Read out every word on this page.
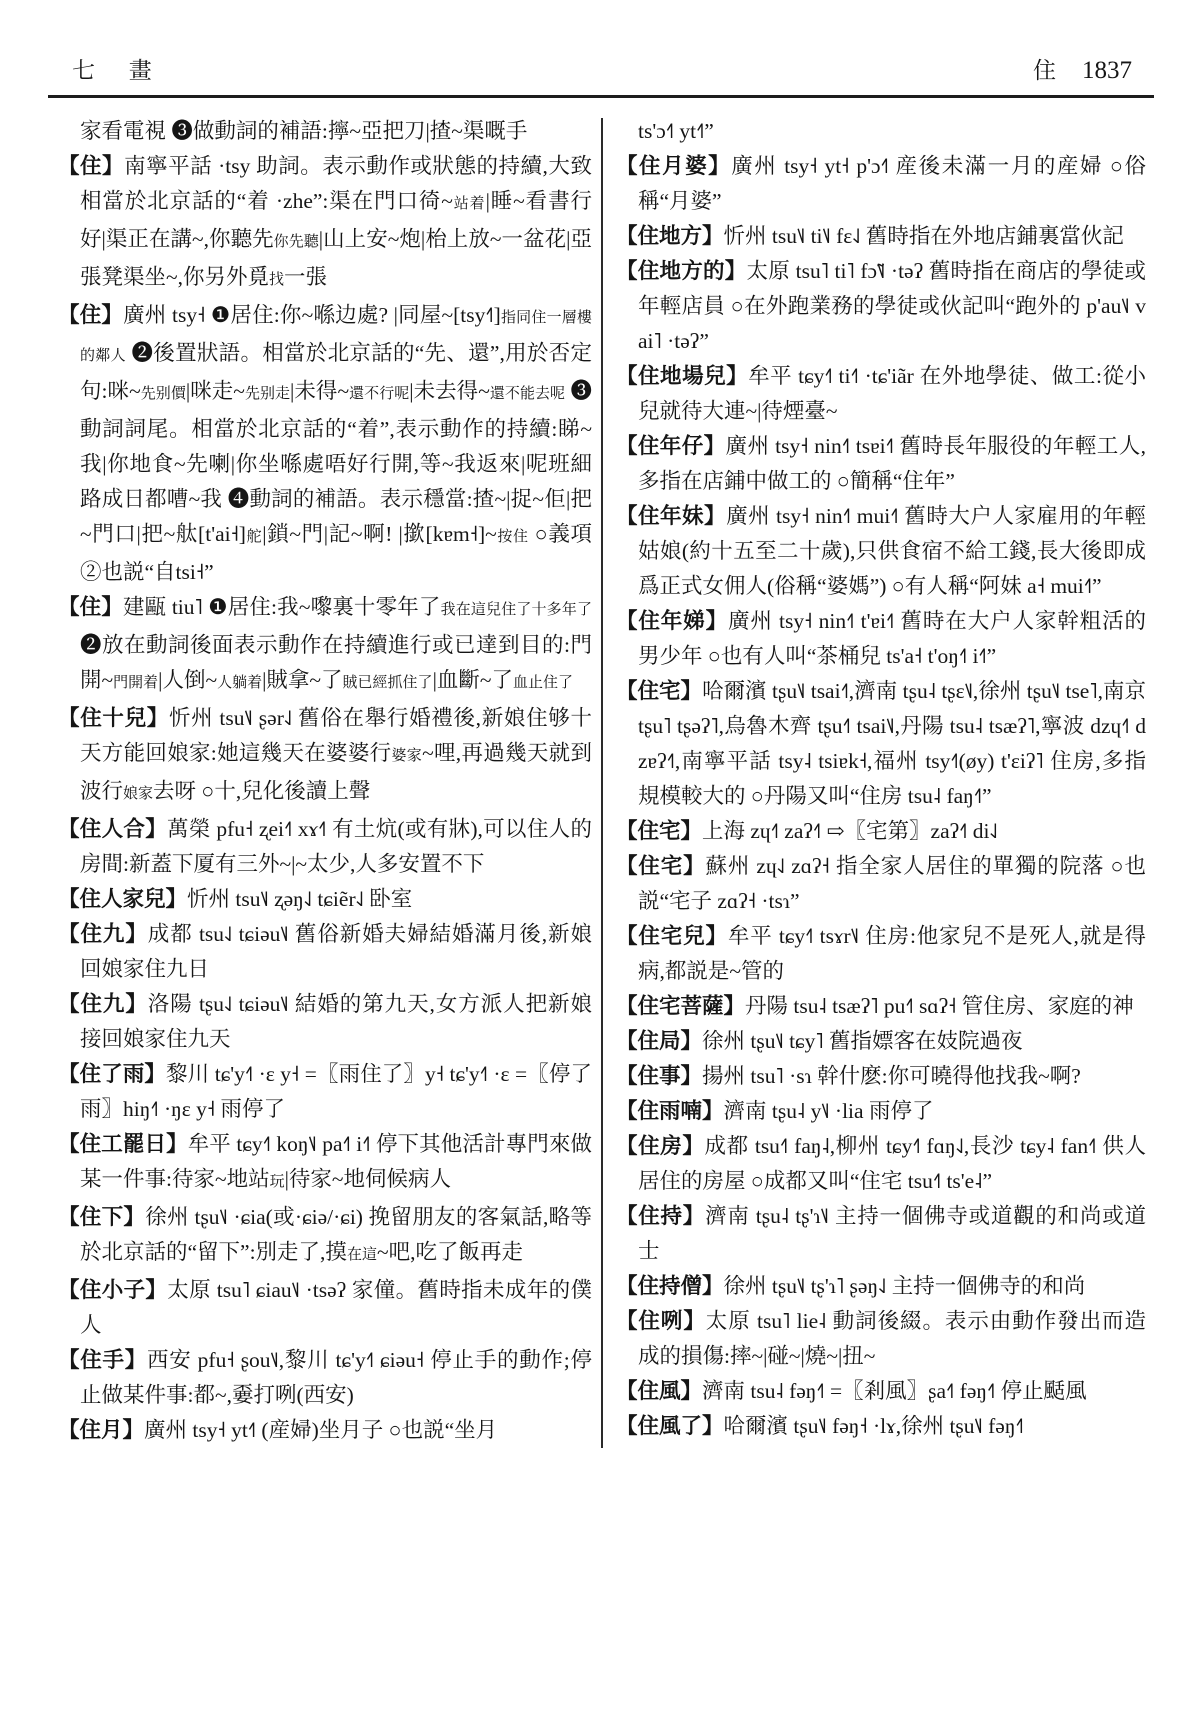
七 畫	住 1837

家看電視 ❸做動詞的補語:擰~亞把刀|揸~渠嘅手

【住】南寧平話 ·tsy 助詞。表示動作或狀態的持續,大致相當於北京話的“着 ·zhe”:渠在門口徛~站着|睡~看書行好|渠正在講~,你聽先你先聽|山上安~炮|枱上放~一盆花|亞張凳渠坐~,你另外覓找一張

【住】廣州 tsy˧ ❶居住:你~喺边處? |同屋~[tsy˧˥]指同住一層樓的鄰人 ❷後置狀語。相當於北京話的“先、還”,用於否定句:咪~先别價|咪走~先别走|未得~還不行呢|未去得~還不能去呢 ❸動詞詞尾。相當於北京話的“着”,表示動作的持續:睇~我|你地食~先喇|你坐喺處唔好行開,等~我返來|呢班細路成日都嘈~我 ❹動詞的補語。表示穩當:揸~|捉~佢|把~門口|把~舦[t'ai˧]舵|鎖~門|記~啊! |撳[kɐm˧]~按住 ○義項②也説“自tsi˧”

【住】建甌 tiu˥ ❶居住:我~嚟裏十零年了我在這兒住了十多年了 ❷放在動詞後面表示動作在持續進行或已達到目的:門開~門開着|人倒~人躺着|賊拿~了賊已經抓住了|血斷~了血止住了

【住十兒】忻州 tsu˥˩ ʂər˨˩ 舊俗在舉行婚禮後,新娘住够十天方能回娘家:她這幾天在婆婆行婆家~哩,再過幾天就到波行娘家去呀 ○十,兒化後讀上聲

【住人合】萬榮 pfu˧ ʐei˧˥ xɤ˧˥ 有土炕(或有牀),可以住人的房間:新蓋下厦有三外~|~太少,人多安置不下

【住人家兒】忻州 tsu˥˩ ʐəŋ˨˩ tɕiẽr˨˩ 卧室

【住九】成都 tsu˨˩ tɕiəu˥˩ 舊俗新婚夫婦結婚滿月後,新娘回娘家住九日

【住九】洛陽 tʂu˨˩ tɕiəu˥˩ 結婚的第九天,女方派人把新娘接回娘家住九天

【住了雨】黎川 tɕ'y˧˥ ·ɛ y˧ =〖雨住了〗y˧ tɕ'y˧˥ ·ɛ =〖停了雨〗hiŋ˧˥ ·ŋɛ y˧ 雨停了

【住工罷日】牟平 tɕy˧˥ koŋ˥˩ pa˧˥ i˧˥ 停下其他活計專門來做某一件事:待家~地站玩|待家~地伺候病人

【住下】徐州 tʂu˥˩ ·ɕia(或·ɕiə/·ɕi) 挽留朋友的客氣話,略等於北京話的“留下”:別走了,摸在這~吧,吃了飯再走

【住小子】太原 tsu˥ ɕiau˥˩ ·tsəʔ 家僮。舊時指未成年的僕人

【住手】西安 pfu˧ ʂou˥˩,黎川 tɕ'y˧˥ ɕiəu˧ 停止手的動作;停止做某件事:都~,嫑打咧(西安)

【住月】廣州 tsy˧ yt˧˥ (産婦)坐月子 ○也説“坐月

ts'ɔ˧˥ yt˧˥”

【住月婆】廣州 tsy˧ yt˧ p'ɔ˧˥ 産後未滿一月的産婦 ○俗稱“月婆”

【住地方】忻州 tsu˥˩ ti˥˩ fɛ˨˩ 舊時指在外地店鋪裏當伙記

【住地方的】太原 tsu˥ ti˥ fɔ̃˥˩ ·təʔ 舊時指在商店的學徒或年輕店員 ○在外跑業務的學徒或伙記叫“跑外的 p'au˥˩ vai˥ ·təʔ”

【住地場兒】牟平 tɕy˧˥ ti˧˥ ·tɕ'iãr 在外地學徒、做工:從小兒就待大連~|待煙臺~

【住年仔】廣州 tsy˧ nin˧˥ tsɐi˧˥ 舊時長年服役的年輕工人,多指在店鋪中做工的 ○簡稱“住年”

【住年妹】廣州 tsy˧ nin˧˥ mui˧˥ 舊時大户人家雇用的年輕姑娘(約十五至二十歲),只供食宿不給工錢,長大後即成爲正式女佣人(俗稱“婆媽”) ○有人稱“阿妹 a˧ mui˧˥”

【住年娣】廣州 tsy˧ nin˧˥ t'ɐi˧˥ 舊時在大户人家幹粗活的男少年 ○也有人叫“茶桶兒 ts'a˧ t'oŋ˧˥ i˧˥”

【住宅】哈爾濱 tʂu˥˩ tsai˧˥,濟南 tʂu˨ tʂɛ˥˩,徐州 tʂu˥˩ tse˥,南京 tʂu˥ tʂəʔ˥,烏魯木齊 tʂu˧˥ tsai˥˩,丹陽 tsu˨ tsæʔ˥,寧波 dzɥ˧˥ dzɐʔ˧˥,南寧平話 tsy˨ tsiɐk˧,福州 tsy˧˥(øy) t'ɛiʔ˥ 住房,多指規模較大的 ○丹陽又叫“住房 tsu˨ faŋ˧˥”

【住宅】上海 zɥ˧˥ zaʔ˧˥ ⇨〖宅第〗zaʔ˧˥ di˨˩

【住宅】蘇州 zɥ˨˩ zɑʔ˧ 指全家人居住的單獨的院落 ○也説“宅子 zɑʔ˧ ·tsɿ”

【住宅兒】牟平 tɕy˧˥ tsɤr˥˩ 住房:他家兒不是死人,就是得病,都説是~管的

【住宅菩薩】丹陽 tsu˨ tsæʔ˥ pu˧˥ sɑʔ˧ 管住房、家庭的神

【住局】徐州 tʂu˥˩ tɕy˥ 舊指嫖客在妓院過夜

【住事】揚州 tsu˥ ·sɿ 幹什麽:你可曉得他找我~啊?

【住雨喃】濟南 tʂu˨ y˥˩ ·lia 雨停了

【住房】成都 tsu˧˥ faŋ˨,柳州 tɕy˧˥ fɑŋ˨˩,長沙 tɕy˨ fan˧˥ 供人居住的房屋 ○成都又叫“住宅 tsu˧˥ ts'e˨”

【住持】濟南 tʂu˨ tʂ'ɿ˥˩ 主持一個佛寺或道觀的和尚或道士

【住持僧】徐州 tʂu˥˩ tʂ'ɿ˥ ʂəŋ˨˩ 主持一個佛寺的和尚

【住咧】太原 tsu˥ lie˨ 動詞後綴。表示由動作發出而造成的損傷:摔~|碰~|燒~|扭~

【住風】濟南 tsu˨ fəŋ˧˥ =〖剎風〗ʂa˧˥ fəŋ˧˥ 停止颳風

【住風了】哈爾濱 tʂu˥˩ fəŋ˧ ·lɤ,徐州 tʂu˥˩ fəŋ˧˥
